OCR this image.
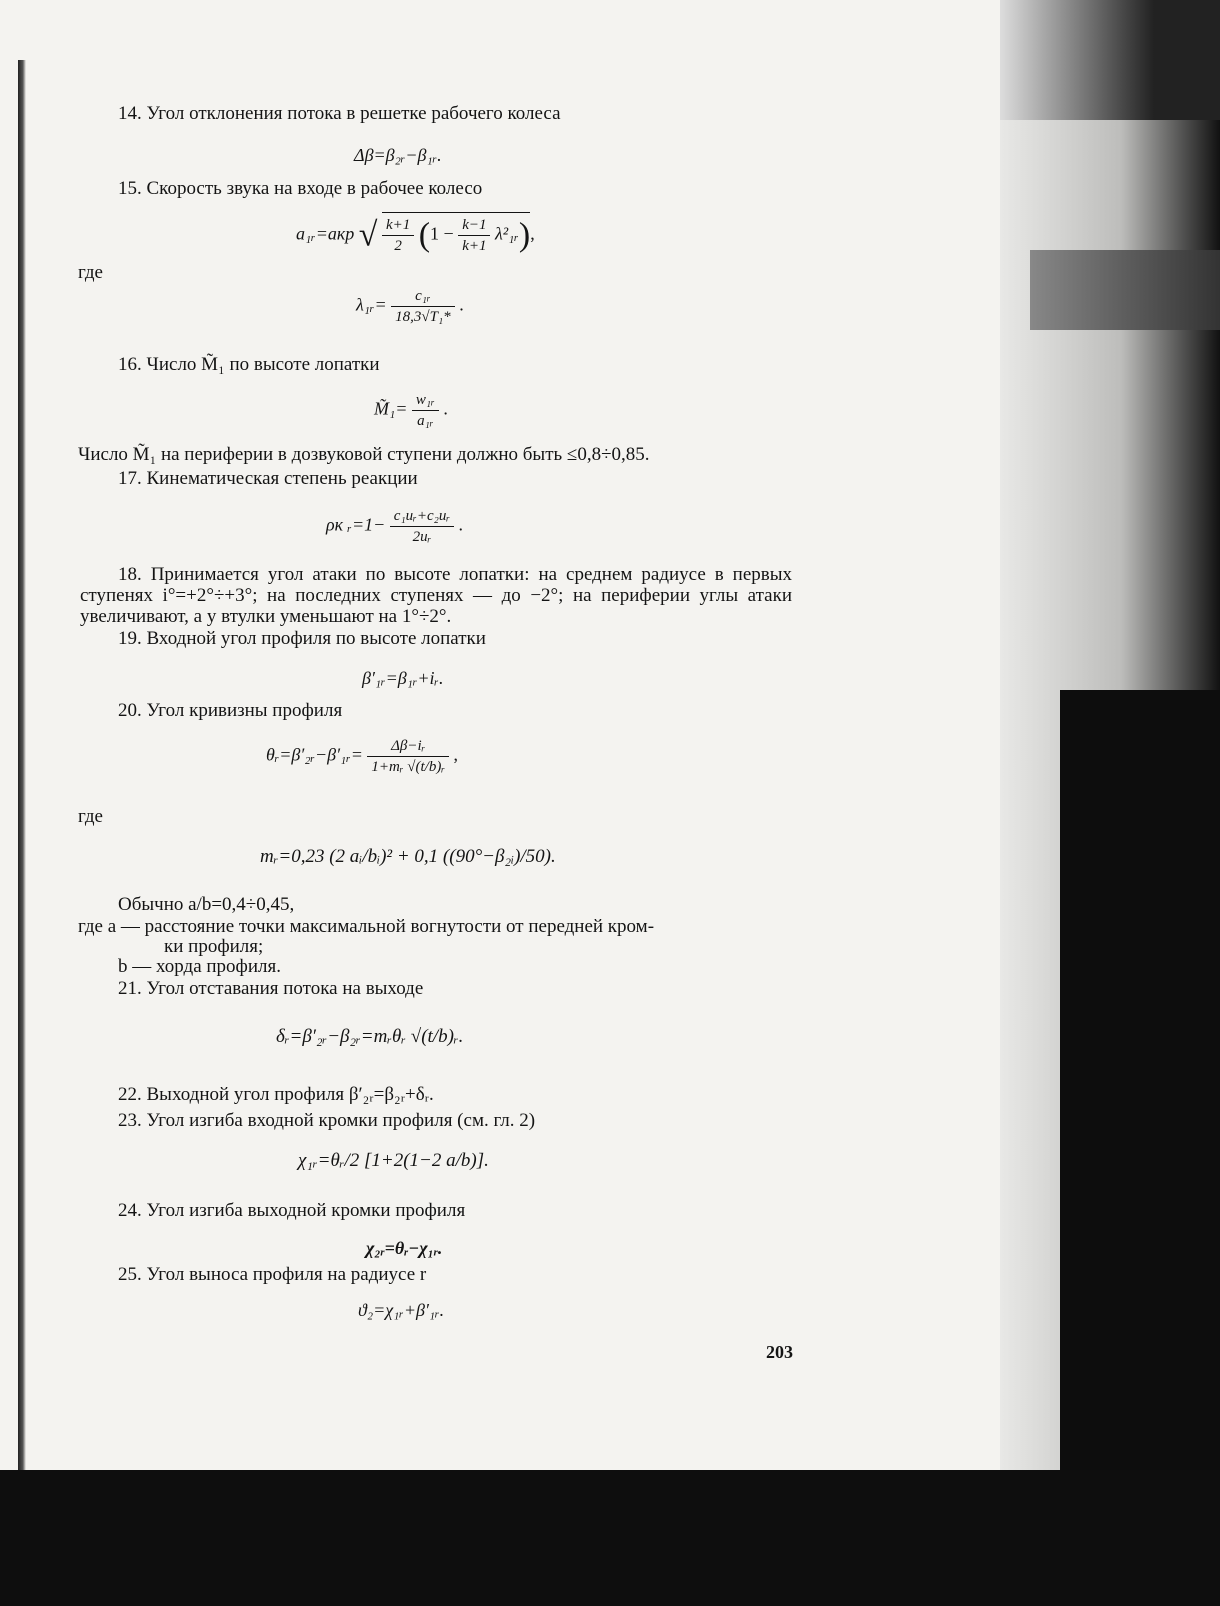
14. Угол отклонения потока в решетке рабочего колеса
Δβ=β₂ᵣ−β₁ᵣ.
15. Скорость звука на входе в рабочее колесо
a₁ᵣ=aкр √ $\frac{k+1}{2} (1 - \frac{k-1}{k+1}$ λ²₁ᵣ),
где
λ₁ᵣ= $\frac{\text{c₁ᵣ}}{\text{18,3√T₁*}}$ .
16. Число M̃₁ по высоте лопатки
M̃₁= $\frac{\text{w₁ᵣ}}{\text{a₁ᵣ}}$ .
Число M̃₁ на периферии в дозвуковой ступени должно быть ≤0,8÷0,85.
17. Кинематическая степень реакции
ρк ᵣ=1− $\frac{\text{c₁uᵣ+c₂uᵣ}}{\text{2uᵣ}}$ .
18. Принимается угол атаки по высоте лопатки: на среднем радиусе в первых ступенях i°=+2°÷+3°; на последних ступенях — до −2°; на периферии углы атаки увеличивают, а у втулки уменьшают на 1°÷2°.
19. Входной угол профиля по высоте лопатки
β′₁ᵣ=β₁ᵣ+iᵣ.
20. Угол кривизны профиля
θᵣ=β′₂ᵣ−β′₁ᵣ= $\frac{\text{Δβ−iᵣ}}{\text{1+mᵣ √(t/b)ᵣ}}$ ,
где
mᵣ=0,23 (2 aᵢ/bᵢ)² + 0,1 ((90°−β₂ᵢ)/50).
Обычно a/b=0,4÷0,45,
где a — расстояние точки максимальной вогнутости от передней кром-
ки профиля;
b — хорда профиля.
21. Угол отставания потока на выходе
δᵣ=β′₂ᵣ−β₂ᵣ=mᵣθᵣ √(t/b)ᵣ.
22. Выходной угол профиля β′₂ᵣ=β₂ᵣ+δᵣ.
23. Угол изгиба входной кромки профиля (см. гл. 2)
χ₁ᵣ=θᵣ/2 [1+2(1−2 a/b)].
24. Угол изгиба выходной кромки профиля
χ₂ᵣ=θᵣ−χ₁ᵣ.
25. Угол выноса профиля на радиусе r
ϑ₂=χ₁ᵣ+β′₁ᵣ.
203
